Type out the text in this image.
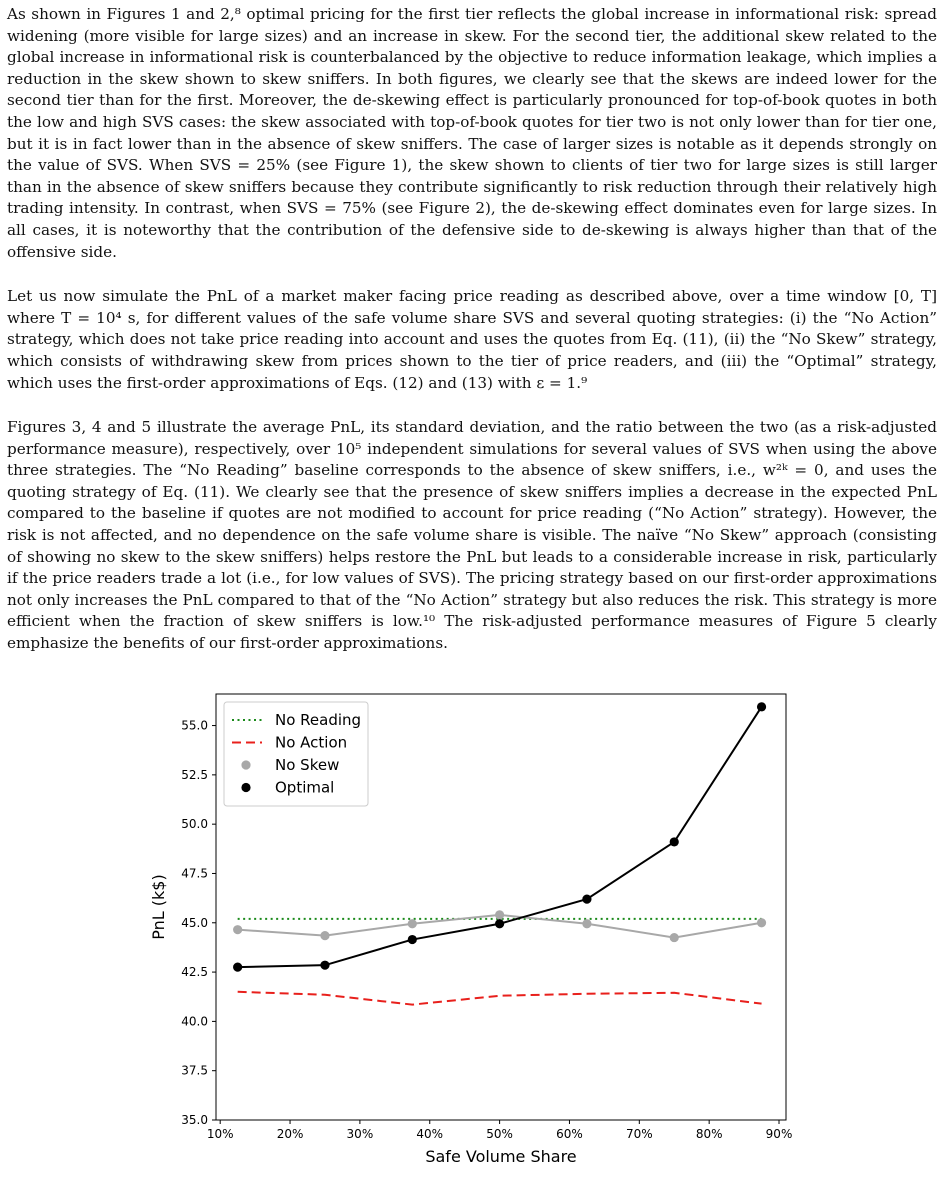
As shown in Figures 1 and 2,⁸ optimal pricing for the first tier reflects the global increase in informational risk: spread widening (more visible for large sizes) and an increase in skew. For the second tier, the additional skew related to the global increase in informational risk is counterbalanced by the objective to reduce information leakage, which implies a reduction in the skew shown to skew sniffers. In both figures, we clearly see that the skews are indeed lower for the second tier than for the first. Moreover, the de-skewing effect is particularly pronounced for top-of-book quotes in both the low and high SVS cases: the skew associated with top-of-book quotes for tier two is not only lower than for tier one, but it is in fact lower than in the absence of skew sniffers. The case of larger sizes is notable as it depends strongly on the value of SVS. When SVS = 25% (see Figure 1), the skew shown to clients of tier two for large sizes is still larger than in the absence of skew sniffers because they contribute significantly to risk reduction through their relatively high trading intensity. In contrast, when SVS = 75% (see Figure 2), the de-skewing effect dominates even for large sizes. In all cases, it is noteworthy that the contribution of the defensive side to de-skewing is always higher than that of the offensive side.

Let us now simulate the PnL of a market maker facing price reading as described above, over a time window [0, T] where T = 10⁴ s, for different values of the safe volume share SVS and several quoting strategies: (i) the “No Action” strategy, which does not take price reading into account and uses the quotes from Eq. (11), (ii) the “No Skew” strategy, which consists of withdrawing skew from prices shown to the tier of price readers, and (iii) the “Optimal” strategy, which uses the first-order approximations of Eqs. (12) and (13) with ε = 1.⁹

Figures 3, 4 and 5 illustrate the average PnL, its standard deviation, and the ratio between the two (as a risk-adjusted performance measure), respectively, over 10⁵ independent simulations for several values of SVS when using the above three strategies. The “No Reading” baseline corresponds to the absence of skew sniffers, i.e., w²ᵏ = 0, and uses the quoting strategy of Eq. (11). We clearly see that the presence of skew sniffers implies a decrease in the expected PnL compared to the baseline if quotes are not modified to account for price reading (“No Action” strategy). However, the risk is not affected, and no dependence on the safe volume share is visible. The naïve “No Skew” approach (consisting of showing no skew to the skew sniffers) helps restore the PnL but leads to a considerable increase in risk, particularly if the price readers trade a lot (i.e., for low values of SVS). The pricing strategy based on our first-order approximations not only increases the PnL compared to that of the “No Action” strategy but also reduces the risk. This strategy is more efficient when the fraction of skew sniffers is low.¹⁰ The risk-adjusted performance measures of Figure 5 clearly emphasize the benefits of our first-order approximations.

10%	20%	30%	40%	50%	60%	70%	80%	90%
35.0
37.5
40.0
42.5
45.0
47.5
50.0
52.5
55.0
Safe Volume Share
PnL (k$)
No Reading
No Action
No Skew
Optimal
